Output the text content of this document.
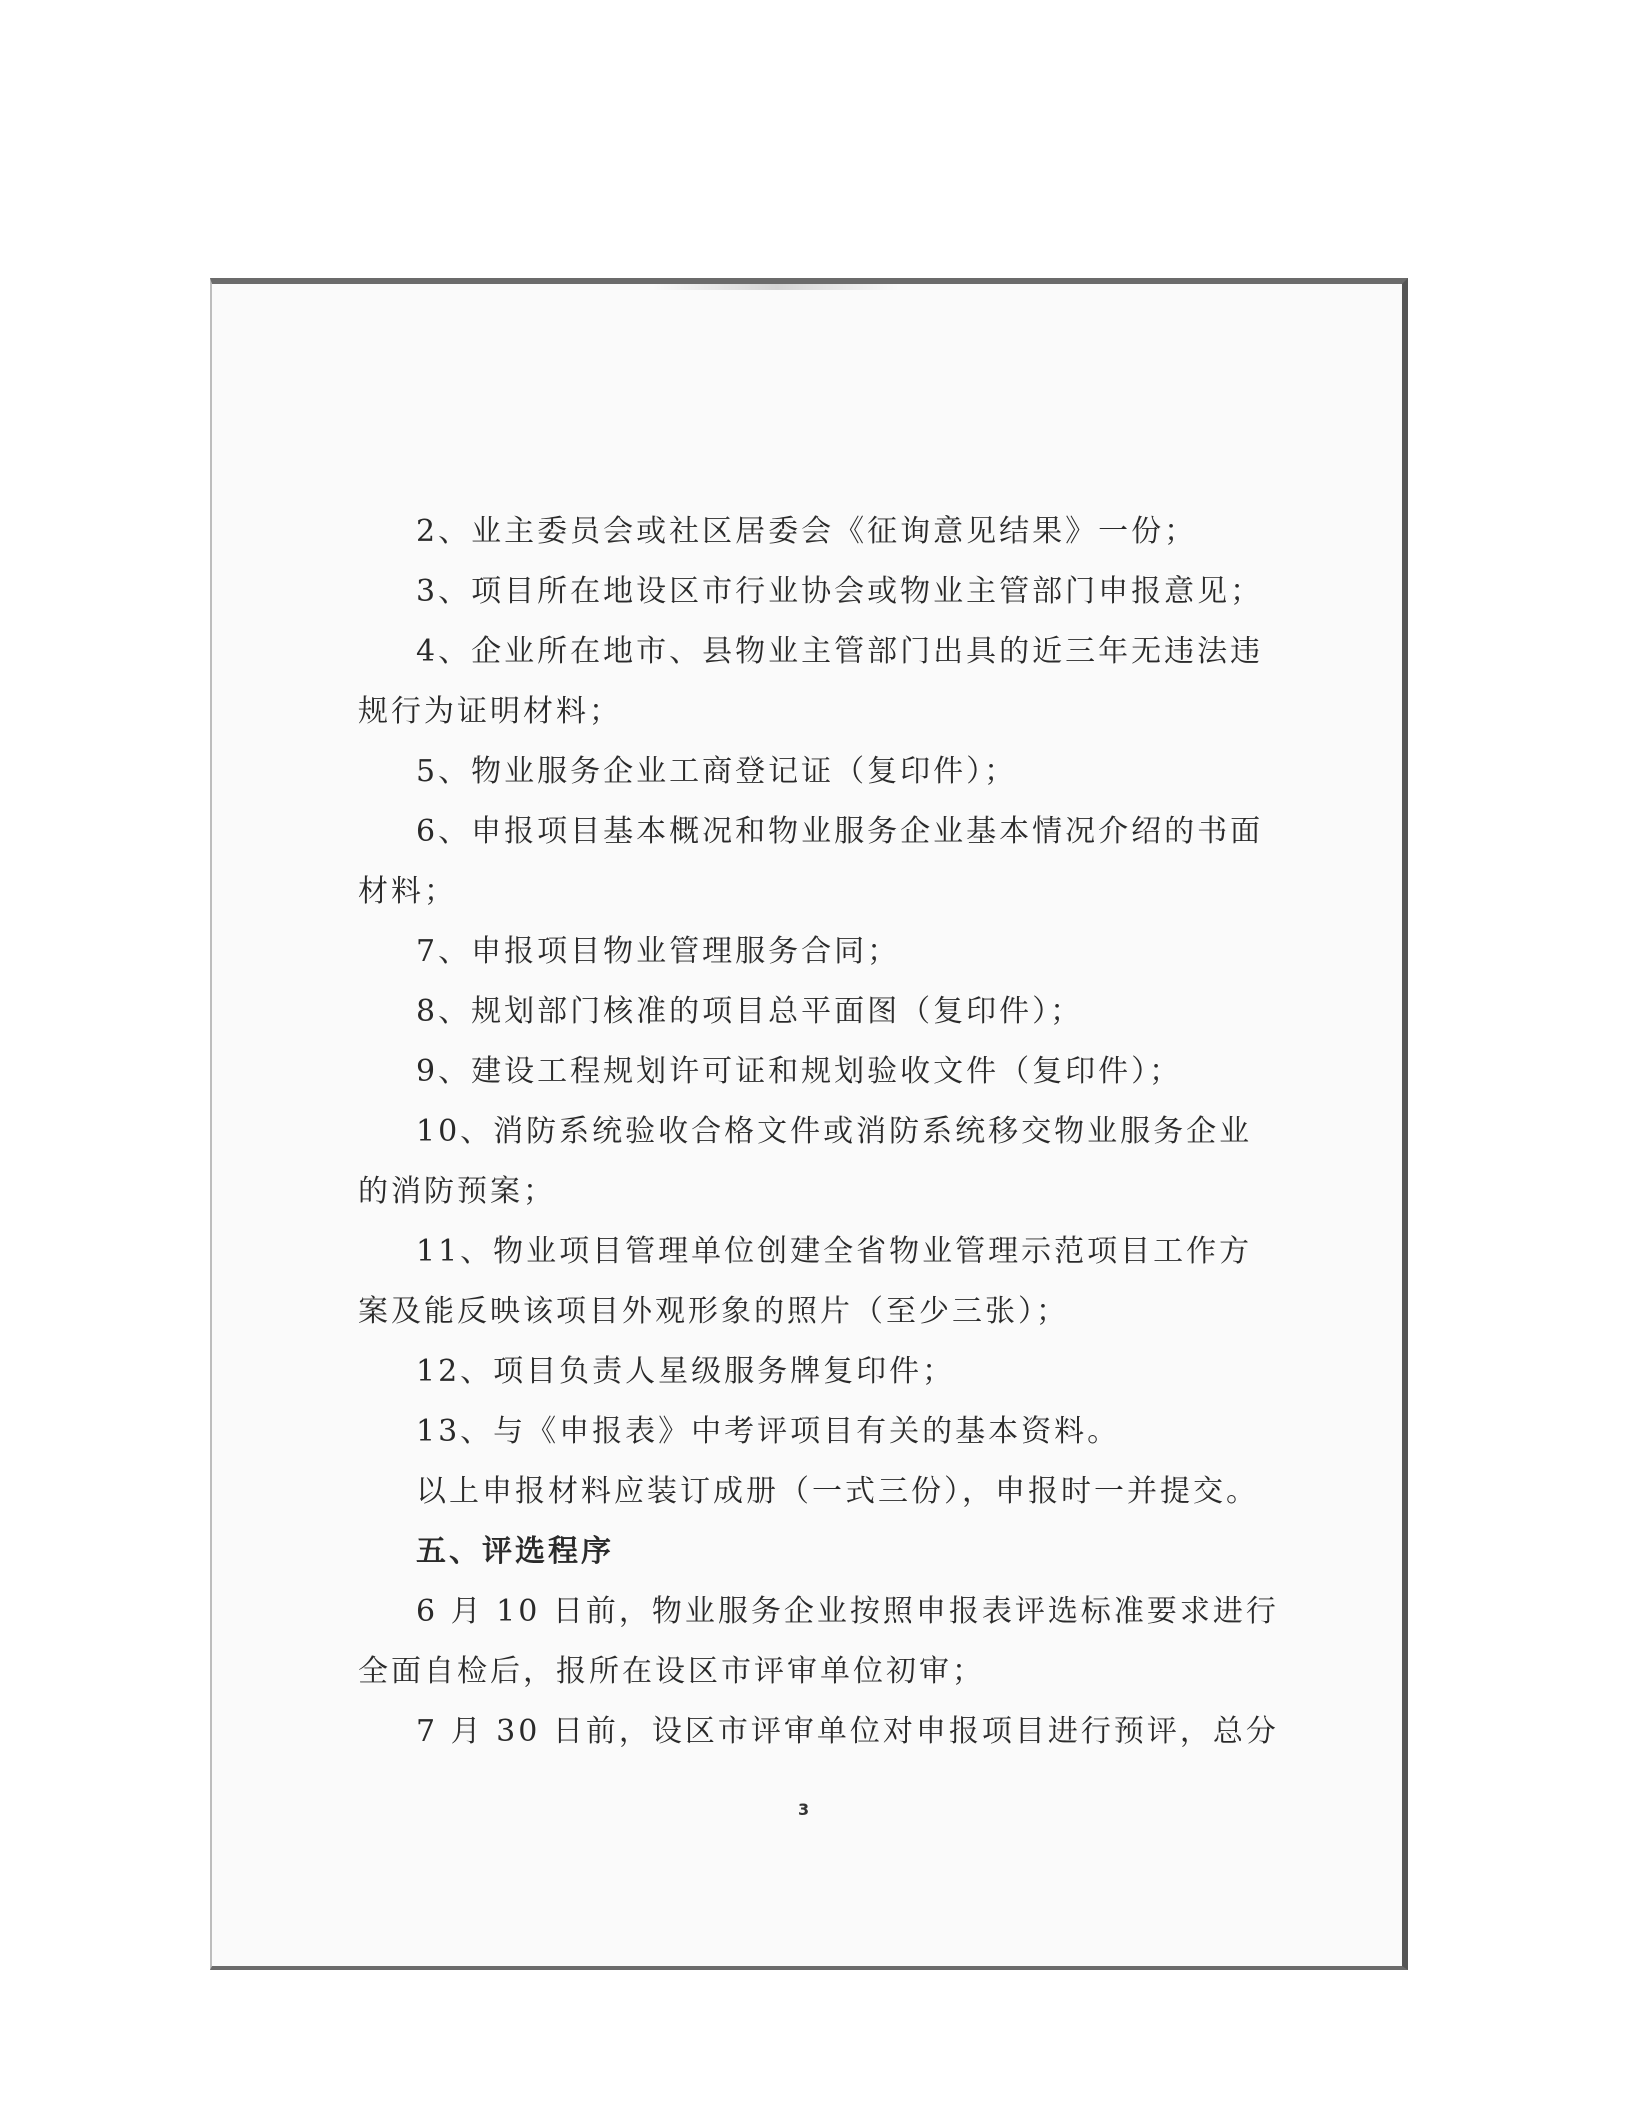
2、业主委员会或社区居委会《征询意见结果》一份；
3、项目所在地设区市行业协会或物业主管部门申报意见；
4、企业所在地市、县物业主管部门出具的近三年无违法违
规行为证明材料；
5、物业服务企业工商登记证（复印件）；
6、申报项目基本概况和物业服务企业基本情况介绍的书面
材料；
7、申报项目物业管理服务合同；
8、规划部门核准的项目总平面图（复印件）；
9、建设工程规划许可证和规划验收文件（复印件）；
10、消防系统验收合格文件或消防系统移交物业服务企业
的消防预案；
11、物业项目管理单位创建全省物业管理示范项目工作方
案及能反映该项目外观形象的照片（至少三张）；
12、项目负责人星级服务牌复印件；
13、与《申报表》中考评项目有关的基本资料。
以上申报材料应装订成册（一式三份），申报时一并提交。
五、评选程序
6 月 10 日前，物业服务企业按照申报表评选标准要求进行
全面自检后，报所在设区市评审单位初审；
7 月 30 日前，设区市评审单位对申报项目进行预评，总分
3
